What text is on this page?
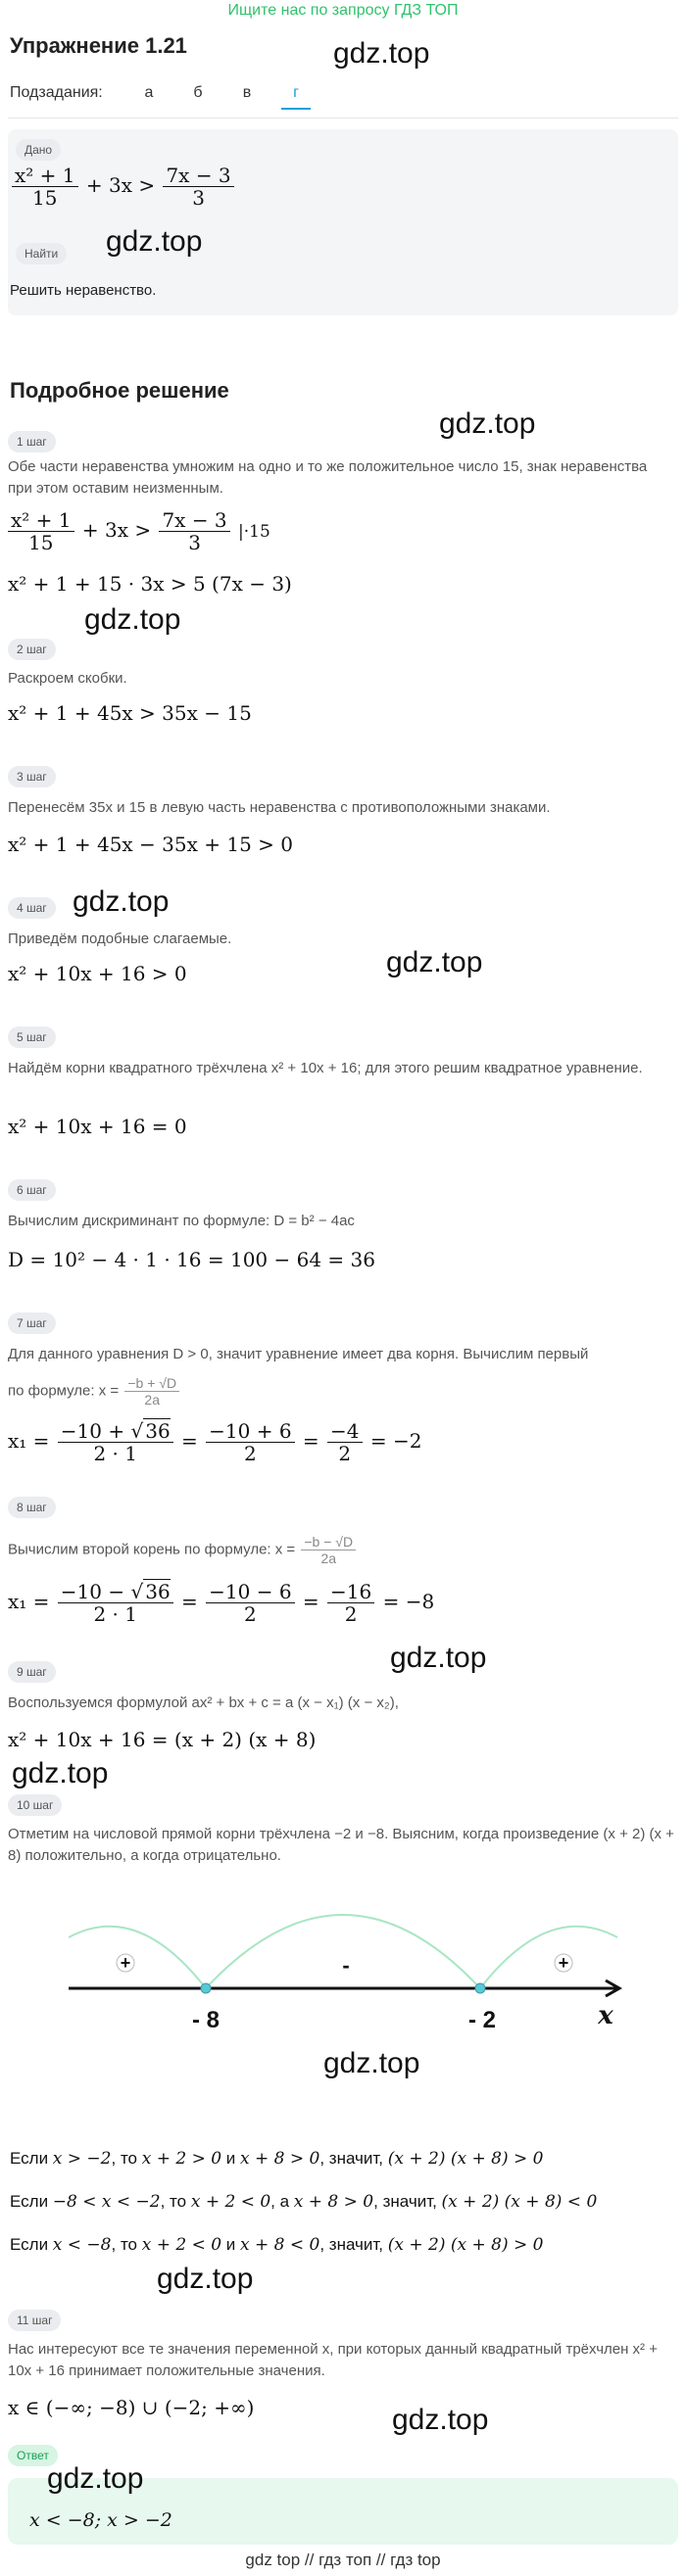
Ищите нас по запросу ГДЗ ТОП
Упражнение 1.21	gdz.top
Подзадания:	а	б	в	г
Дано
$\frac{\text{x² + 1}}{15} + 3x > \frac{7x - 3}{3}$
Найти	gdz.top
Решить неравенство.
Подробное решение
gdz.top
1 шаг
Обе части неравенства умножим на одно и то же положительное число 15, знак неравенства при этом оставим неизменным.
$\frac{\text{x² + 1}}{15} + 3x > \frac{7x - 3}{3} |\cdot 15$
x² + 1 + 15 · 3x > 5 (7x − 3)
gdz.top
2 шаг
Раскроем скобки.
x² + 1 + 45x > 35x − 15
3 шаг
Перенесём 35x и 15 в левую часть неравенства с противоположными знаками.
x² + 1 + 45x − 35x + 15 > 0
4 шаг gdz.top
Приведём подобные слагаемые.
gdz.top
x² + 10x + 16 > 0
5 шаг
Найдём корни квадратного трёхчлена x² + 10x + 16; для этого решим квадратное уравнение.
x² + 10x + 16 = 0
6 шаг
Вычислим дискриминант по формуле: D = b² − 4ac
D = 10² − 4 · 1 · 16 = 100 − 64 = 36
7 шаг
Для данного уравнения D > 0, значит уравнение имеет два корня. Вычислим первый
по формуле: $x = \frac{-b + √D}{2a}$
$x_1 = \frac{-10 + √ 36}{2 \cdot 1} = \frac{-10 + 6}{2} = \frac{-4}{2} = -2$
8 шаг
Вычислим второй корень по формуле: $x = \frac{-b - √D}{2a}$
$x_1 = \frac{-10 - √ 36}{2 \cdot 1} = \frac{-10 - 6}{2} = \frac{-16}{2} = -8$
gdz.top
9 шаг
Воспользуемся формулой ax² + bx + c = a (x − x₁) (x − x₂),
x² + 10x + 16 = (x + 2) (x + 8)
gdz.top
10 шаг
Отметим на числовой прямой корни трёхчлена −2 и −8. Выясним, когда произведение (x + 2) (x + 8) положительно, а когда отрицательно.
+	-	+
- 8	- 2	x
gdz.top
Если x > −2, то x + 2 > 0 и x + 8 > 0, значит, (x + 2) (x + 8) > 0
Если −8 < x < −2, то x + 2 < 0, а x + 8 > 0, значит, (x + 2) (x + 8) < 0
Если x < −8, то x + 2 < 0 и x + 8 < 0, значит, (x + 2) (x + 8) > 0
gdz.top
11 шаг
Нас интересуют все те значения переменной x, при которых данный квадратный трёхчлен x² + 10x + 16 принимает положительные значения.
x ∈ (−∞; −8) ∪ (−2; +∞)	gdz.top
Ответ
x < −8; x > −2
gdz.top
gdz top // гдз топ // гдз top
